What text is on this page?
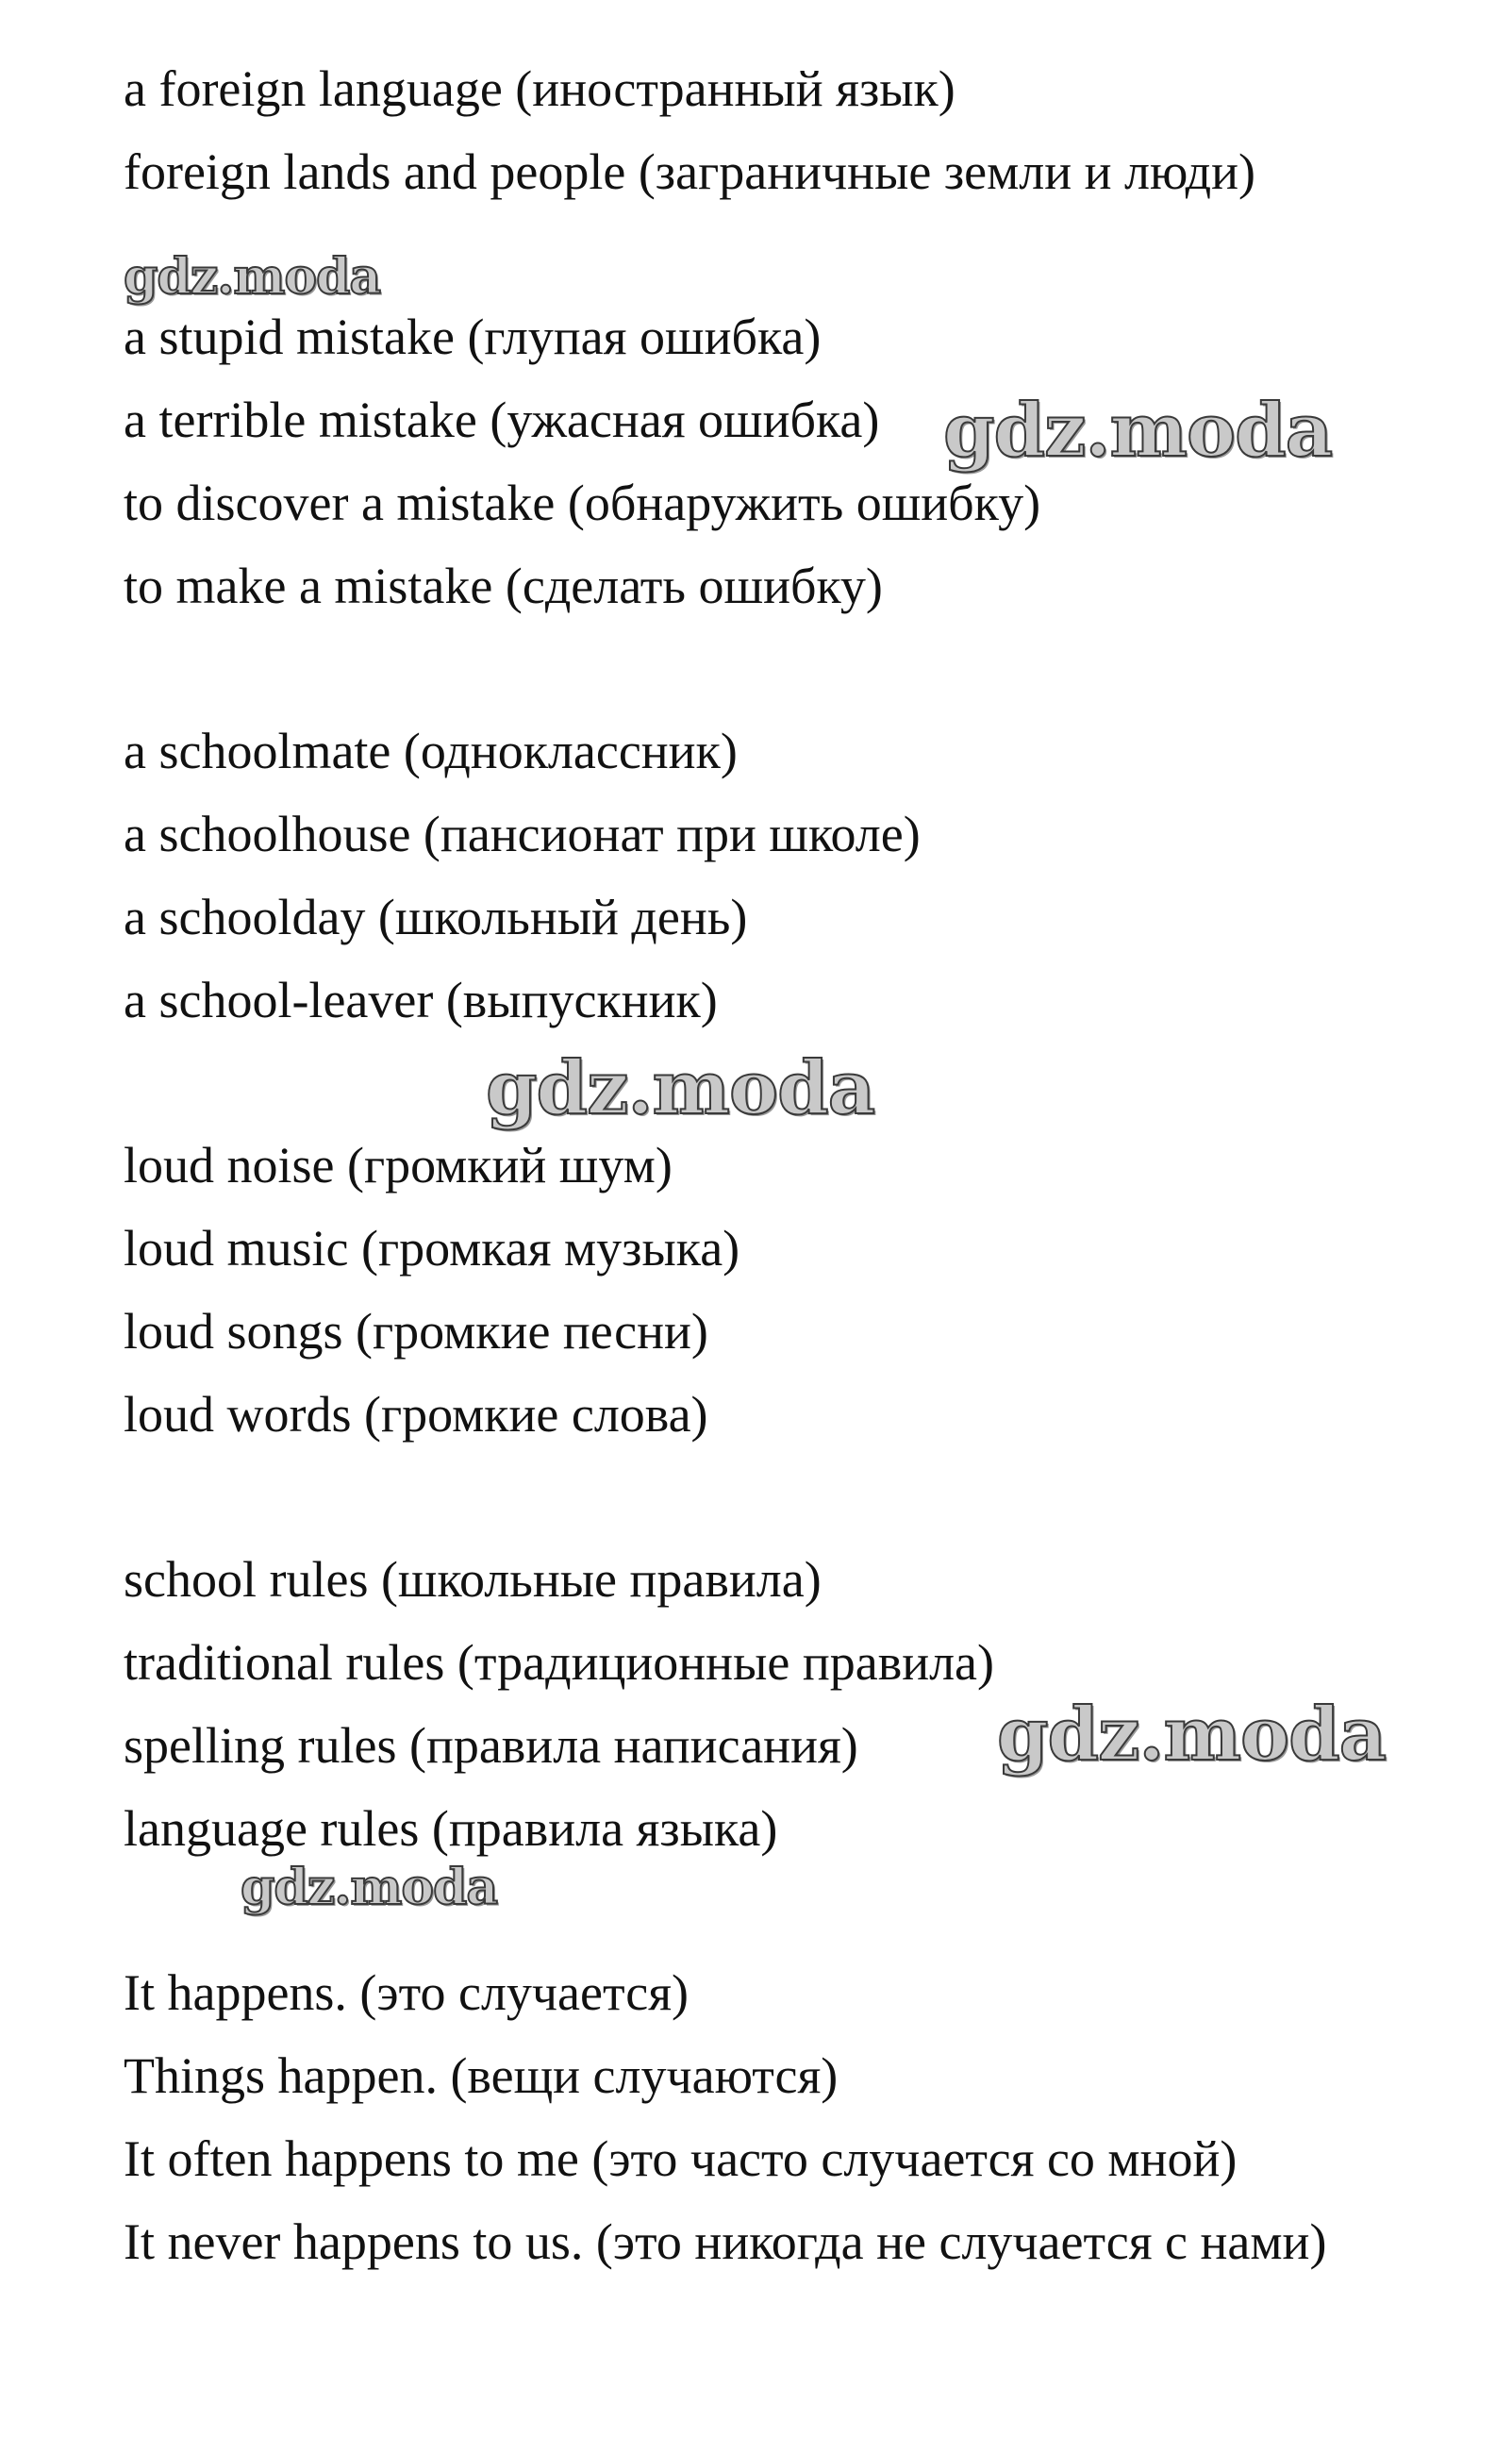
a foreign language (иностранный язык)
foreign lands and people (заграничные земли и люди)
gdz.moda
a stupid mistake (глупая ошибка)
a terrible mistake (ужасная ошибка) gdz.moda
to discover a mistake (обнаружить ошибку)
to make a mistake (сделать ошибку)
a schoolmate (одноклассник)
a schoolhouse (пансионат при школе)
a schoolday (школьный день)
a school-leaver (выпускник)
gdz.moda
loud noise (громкий шум)
loud music (громкая музыка)
loud songs (громкие песни)
loud words (громкие слова)
school rules (школьные правила)
traditional rules (традиционные правила)
spelling rules (правила написания) gdz.moda
language rules (правила языка)
gdz.moda
It happens. (это случается)
Things happen. (вещи случаются)
It often happens to me (это часто случается со мной)
It never happens to us. (это никогда не случается с нами)
